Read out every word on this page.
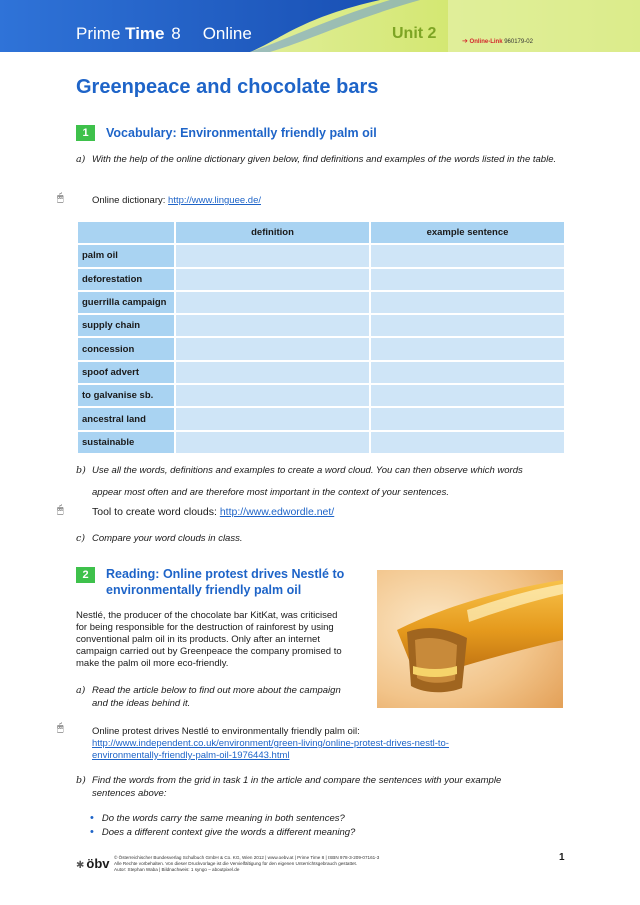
Prime Time 8 Online	Unit 2	➔ Online-Link 960179-02
Greenpeace and chocolate bars
1	Vocabulary: Environmentally friendly palm oil
a) With the help of the online dictionary given below, find definitions and examples of the words listed in the table.
🖱	Online dictionary: http://www.linguee.de/
	definition	example sentence
palm oil		
deforestation		
guerrilla campaign		
supply chain		
concession		
spoof advert		
to galvanise sb.		
ancestral land		
sustainable		
b) Use all the words, definitions and examples to create a word cloud. You can then observe which words
appear most often and are therefore most important in the context of your sentences.
🖱	Tool to create word clouds: http://www.edwordle.net/
c) Compare your word clouds in class.
2	Reading: Online protest drives Nestlé to
environmentally friendly palm oil
Nestlé, the producer of the chocolate bar KitKat, was criticised
for being responsible for the destruction of rainforest by using
conventional palm oil in its products. Only after an internet
campaign carried out by Greenpeace the company promised to
make the palm oil more eco-friendly.
a) Read the article below to find out more about the campaign
and the ideas behind it.
🖱	Online protest drives Nestlé to environmentally friendly palm oil:
http://www.independent.co.uk/environment/green-living/online-protest-drives-nestl-to-
environmentally-friendly-palm-oil-1976443.html
b) Find the words from the grid in task 1 in the article and compare the sentences with your example
sentences above:
• Do the words carry the same meaning in both sentences?
• Does a different context give the words a different meaning?
✱ öbv © Österreichischer Bundesverlag Schulbuch GmbH & Co. KG, Wien 2012 | www.oebv.at | Prime Time 8 | ISBN 978-3-209-07161-3
Alle Rechte vorbehalten. Von dieser Druckvorlage ist die Vervielfältigung für den eigenen Unterrichtsgebrauch gestattet.
Autor: Stephan Waba | Bildnachweis: 1 syngo – aboutpixel.de
1
